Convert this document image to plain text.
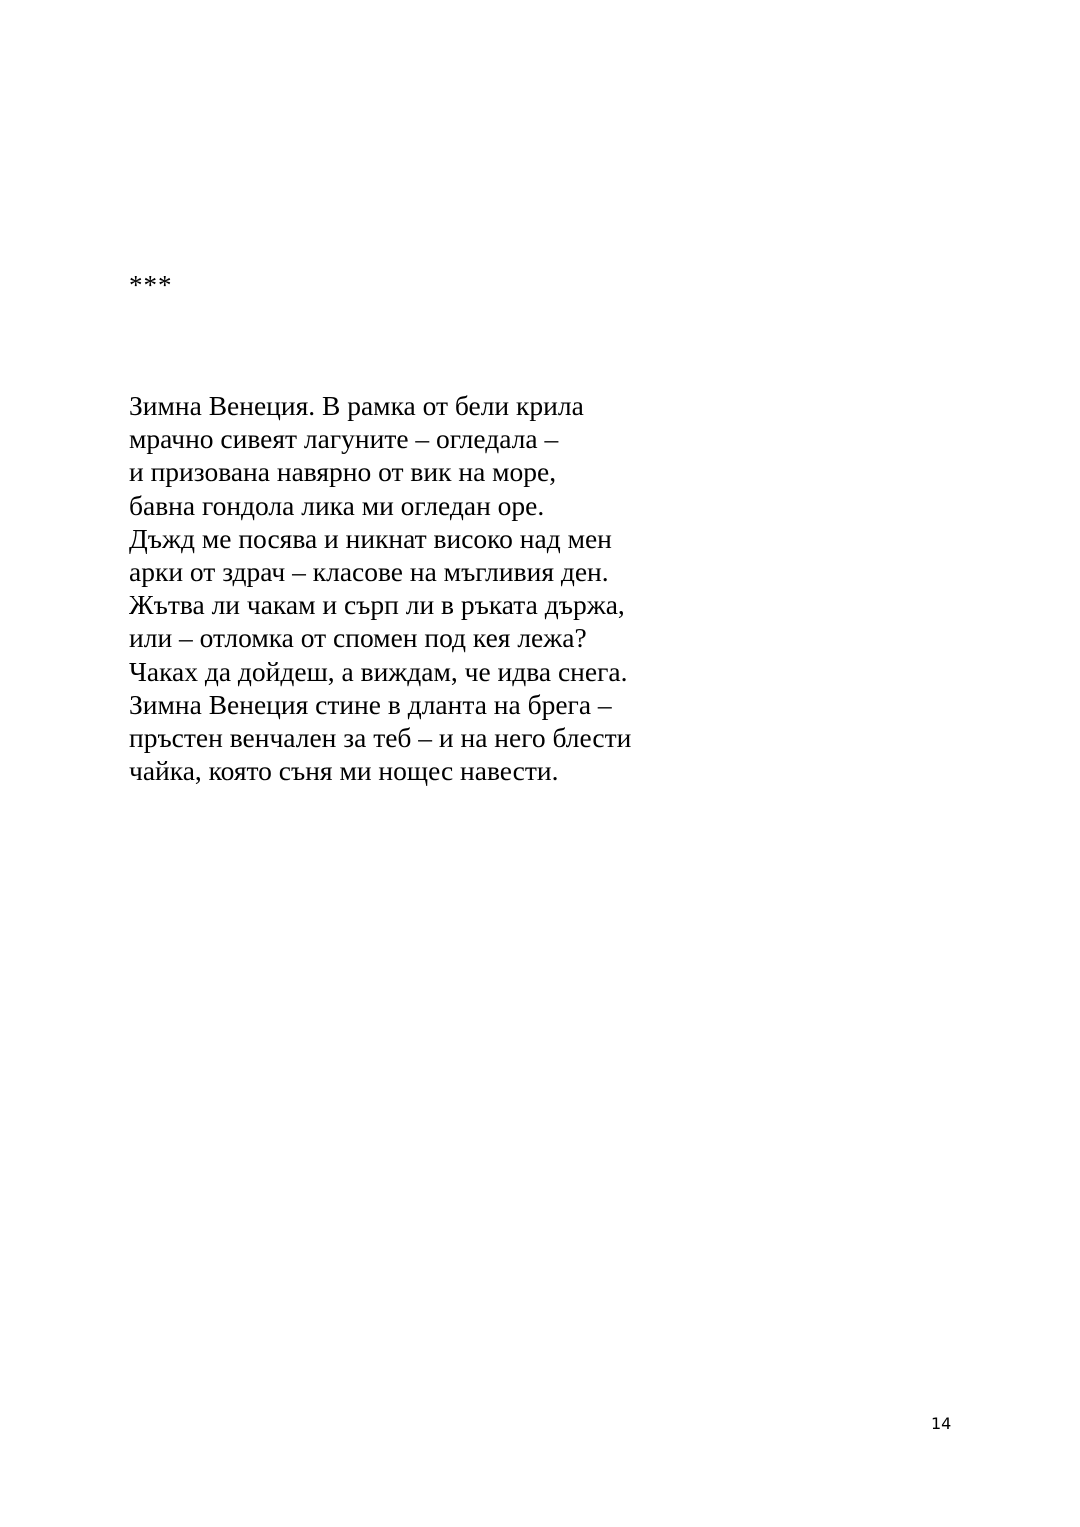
***

Зимна Венеция. В рамка от бели крила
мрачно сивеят лагуните – огледала –
и призована навярно от вик на море,
бавна гондола лика ми огледан оре.
Дъжд ме посява и никнат високо над мен
арки от здрач – класове на мъгливия ден.
Жътва ли чакам и сърп ли в ръката държа,
или – отломка от спомен под кея лежа?
Чаках да дойдеш, а виждам, че идва снега.
Зимна Венеция стине в дланта на брега –
пръстен венчален за теб – и на него блести
чайка, която съня ми нощес навести.

14
